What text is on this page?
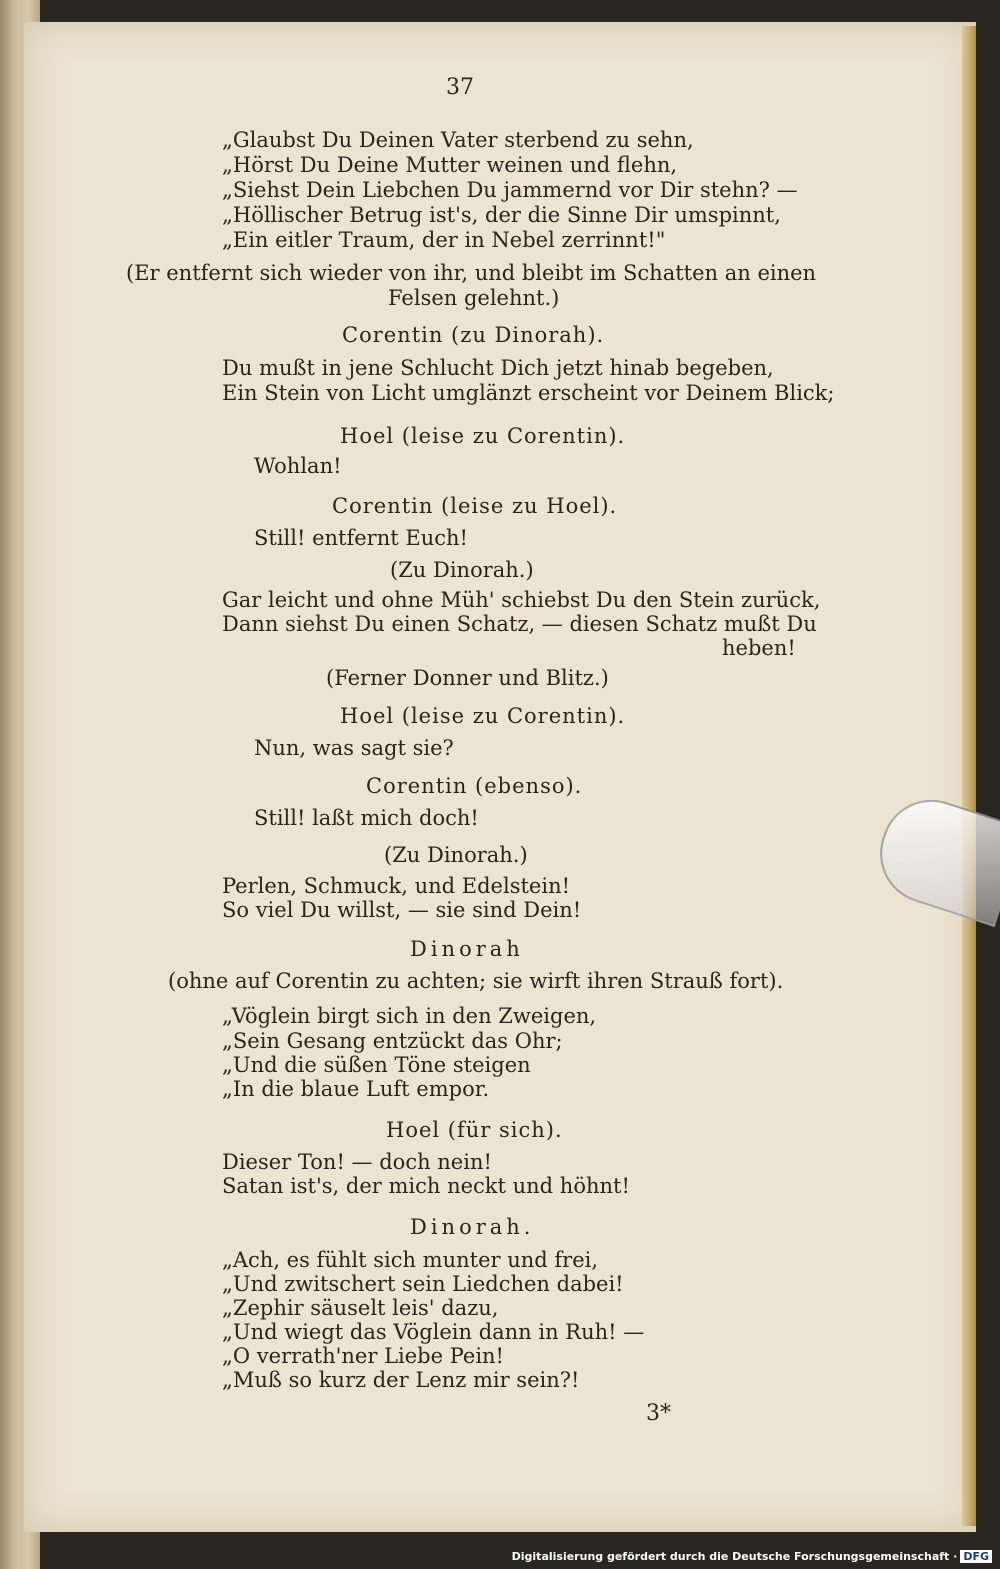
37
„Glaubst Du Deinen Vater sterbend zu sehn,
„Hörst Du Deine Mutter weinen und flehn,
„Siehst Dein Liebchen Du jammernd vor Dir stehn? —
„Höllischer Betrug ist's, der die Sinne Dir umspinnt,
„Ein eitler Traum, der in Nebel zerrinnt!"
(Er entfernt sich wieder von ihr, und bleibt im Schatten an einen
Felsen gelehnt.)
Corentin (zu Dinorah).
Du mußt in jene Schlucht Dich jetzt hinab begeben,
Ein Stein von Licht umglänzt erscheint vor Deinem Blick;
Hoel (leise zu Corentin).
Wohlan!
Corentin (leise zu Hoel).
Still! entfernt Euch!
(Zu Dinorah.)
Gar leicht und ohne Müh' schiebst Du den Stein zurück,
Dann siehst Du einen Schatz, — diesen Schatz mußt Du
heben!
(Ferner Donner und Blitz.)
Hoel (leise zu Corentin).
Nun, was sagt sie?
Corentin (ebenso).
Still! laßt mich doch!
(Zu Dinorah.)
Perlen, Schmuck, und Edelstein!
So viel Du willst, — sie sind Dein!
Dinorah
(ohne auf Corentin zu achten; sie wirft ihren Strauß fort).
„Vöglein birgt sich in den Zweigen,
„Sein Gesang entzückt das Ohr;
„Und die süßen Töne steigen
„In die blaue Luft empor.
Hoel (für sich).
Dieser Ton! — doch nein!
Satan ist's, der mich neckt und höhnt!
Dinorah.
„Ach, es fühlt sich munter und frei,
„Und zwitschert sein Liedchen dabei!
„Zephir säuselt leis' dazu,
„Und wiegt das Vöglein dann in Ruh! —
„O verrath'ner Liebe Pein!
„Muß so kurz der Lenz mir sein?!
3*
Digitalisierung gefördert durch die Deutsche Forschungsgemeinschaft · DFG
